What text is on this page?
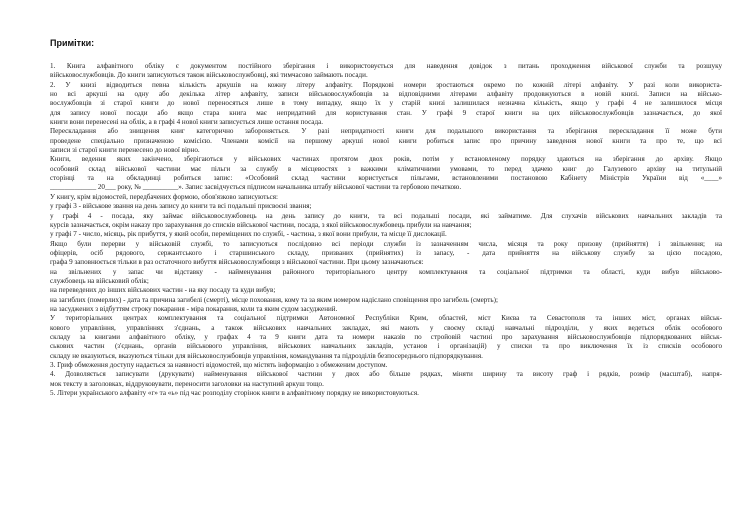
Примітки:
1. Книга алфавітного обліку є документом постійного зберігання і використовується для наведення довідок з питань проходження військової служби та розшуку
військовослужбовців. До книги записуються також військовослужбовці, які тимчасово займають посади.
2. У книзі відводиться певна кількість аркушів на кожну літеру алфавіту. Порядкові номери зростаються окремо по кожній літері алфавіту. У разі коли використа-
но всі аркуші на одну або декілька літер алфавіту, записи військовослужбовців за відповідними літерами алфавіту продовжуються в новій книзі. Записи на військо-
вослужбовців зі старої книги до нової переносяться лише в тому випадку, якщо їх у старій книзі залишилася незначна кількість, якщо у графі 4 не залишилося місця
для запису нової посади або якщо стара книга має непридатний для користування стан. У графі 9 старої книги на цих військовослужбовців зазначається, до якої
книги вони перенесені на облік, а в графі 4 нової книги записується лише остання посада.
Перескладання або знищення книг категорично забороняється. У разі непридатності книги для подальшого використання та зберігання перескладання її може бути
проведене спеціально призначеною комісією. Членами комісії на першому аркуші нової книги робиться запис про причину заведення нової книги та про те, що всі
записи зі старої книги перенесено до нової вірно.
Книги, ведення яких закінчено, зберігаються у військових частинах протягом двох років, потім у встановленому порядку здаються на зберігання до архіву. Якщо
особовий склад військової частини має пільги за службу в місцевостях з важкими кліматичними умовами, то перед здачею книг до Галузевого архіву на титульній
сторінці та на обкладинці робиться запис: «Особовий склад частини користується пільгами, встановленими постановою Кабінету Міністрів України від «____»
_____________ 20___ року, № __________». Запис засвідчується підписом начальника штабу військової частини та гербовою печаткою.
У книгу, крім відомостей, передбачених формою, обов'язково записуються:
у графі 3 - військове звання на день запису до книги та всі подальші присвоєні звання;
у графі 4 - посада, яку займає військовослужбовець на день запису до книги, та всі подальші посади, які займатиме. Для слухачів військових навчальних закладів та
курсів зазначається, окрім наказу про зарахування до списків військової частини, посада, з якої військовослужбовець прибули на навчання;
у графі 7 - число, місяць, рік прибуття, у який особи, переміщених по службі, - частина, з якої вони прибули, та місце її дислокації.
Якщо були перерви у військовій службі, то записуються послідовно всі періоди служби із зазначенням числа, місяця та року призову (прийняття) і звільнення; на
офіцерів, осіб рядового, сержантського і старшинського складу, призваних (прийнятих) із запасу, - дата прийняття на військову службу за цією посадою,
графа 9 заповнюється тільки в раз остаточного вибуття військовослужбовця з військової частини. При цьому зазначаються:
на звільнених у запас чи відставку - найменування районного територіального центру комплектування та соціальної підтримки та області, куди вибув військово-
службовець на військовий облік;
на переведених до інших військових частин - на яку посаду та куди вибув;
на загиблих (померлих) - дата та причина загибелі (смерті), місце поховання, кому та за яким номером надіслано сповіщення про загибель (смерть);
на засуджених з відбуттям строку покарання - міра покарання, коли та яким судом засуджений.
У територіальних центрах комплектування та соціальної підтримки Автономної Республіки Крим, областей, міст Києва та Севастополя та інших міст, органах військ-
кового управління, управліннях з'єднань, а також військових навчальних закладах, які мають у своєму складі навчальні підрозділи, у яких ведеться облік особового
складу за книгами алфавітного обліку, у графах 4 та 9 книги дата та номери наказів по стройовій частині про зарахування військовослужбовців підпорядкованих військ-
ськових частин (з'єднань, органів військового управління, військових навчальних закладів, установ і організацій) у списки та про виключення їх із списків особового
складу не вказуються, вказуються тільки для військовослужбовців управління, командування та підрозділів безпосереднього підпорядкування.
3. Гриф обмеження доступу надається за наявності відомостей, що містять інформацію з обмеженим доступом.
4. Дозволяється записувати (друкувати) найменування військової частини у двох або більше рядках, міняти ширину та висоту граф і рядків, розмір (масштаб), напря-
мок тексту в заголовках, віддруковувати, переносити заголовки на наступний аркуш тощо.
5. Літери українського алфавіту «г» та «ь» під час розподілу сторінок книги в алфавітному порядку не використовуються.
